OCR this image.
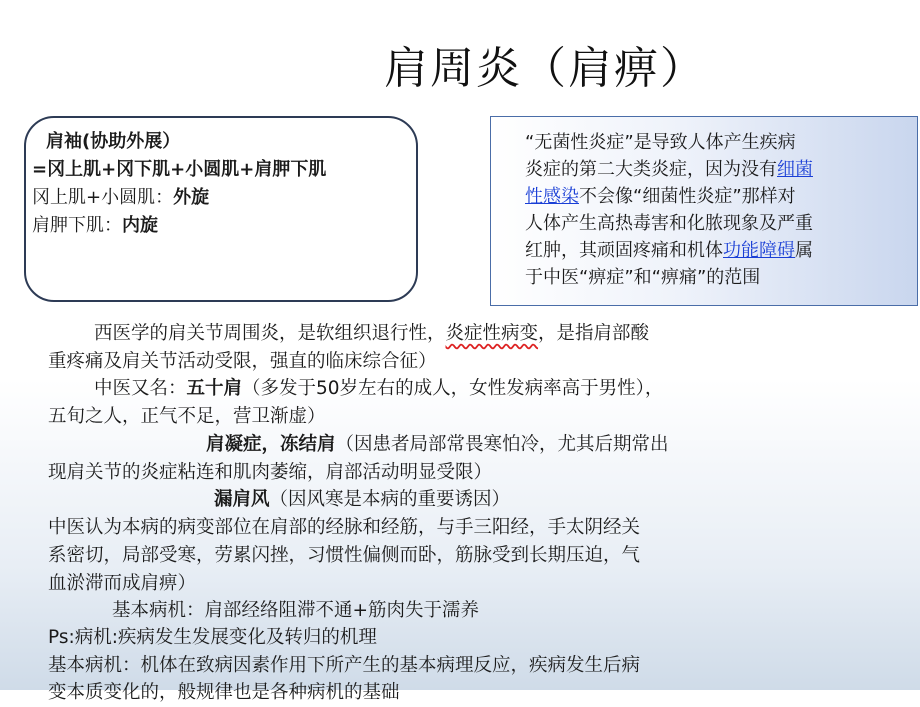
肩周炎（肩痹）
肩袖(协助外展）
=冈上肌+冈下肌+小圆肌+肩胛下肌
冈上肌+小圆肌：外旋
肩胛下肌：内旋
“无菌性炎症”是导致人体产生疾病
炎症的第二大类炎症，因为没有细菌
性感染不会像“细菌性炎症”那样对
人体产生高热毒害和化脓现象及严重
红肿，其顽固疼痛和机体功能障碍属
于中医“痹症”和“痹痛”的范围
西医学的肩关节周围炎，是软组织退行性，炎症性病变，是指肩部酸
重疼痛及肩关节活动受限，强直的临床综合征）
中医又名：五十肩（多发于50岁左右的成人，女性发病率高于男性），
五旬之人，正气不足，营卫渐虚）
肩凝症，冻结肩（因患者局部常畏寒怕冷，尤其后期常出
现肩关节的炎症粘连和肌肉萎缩，肩部活动明显受限）
漏肩风（因风寒是本病的重要诱因）
中医认为本病的病变部位在肩部的经脉和经筋，与手三阳经，手太阴经关
系密切，局部受寒，劳累闪挫，习惯性偏侧而卧，筋脉受到长期压迫，气
血淤滞而成肩痹）
基本病机：肩部经络阻滞不通+筋肉失于濡养
Ps:病机:疾病发生发展变化及转归的机理
基本病机：机体在致病因素作用下所产生的基本病理反应，疾病发生后病
变本质变化的，般规律也是各种病机的基础
